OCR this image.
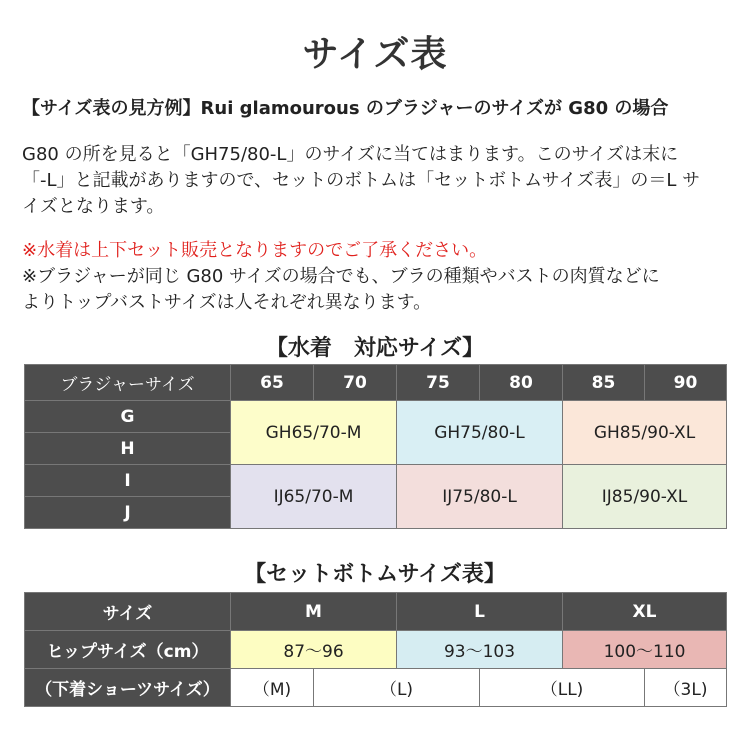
サイズ表
【サイズ表の見方例】Rui glamourous のブラジャーのサイズが G80 の場合
G80 の所を見ると「GH75/80-L」のサイズに当てはまります。このサイズは末に
「-L」と記載がありますので、セットのボトムは「セットボトムサイズ表」の＝L サ
イズとなります。
※水着は上下セット販売となりますのでご了承ください。
※ブラジャーが同じ G80 サイズの場合でも、ブラの種類やバストの肉質などに
よりトップバストサイズは人それぞれ異なります。
【水着　対応サイズ】
ブラジャーサイズ	65	70	75	80	85	90
G	GH65/70-M		GH75/80-L		GH85/90-XL	
H						
I	IJ65/70-M		IJ75/80-L		IJ85/90-XL	
J						
【セットボトムサイズ表】
サイズ	M		L		XL	
ヒップサイズ（cm）	87～96		93～103		100～110	
（下着ショーツサイズ）	（M)	（L)		（LL)		（3L)
